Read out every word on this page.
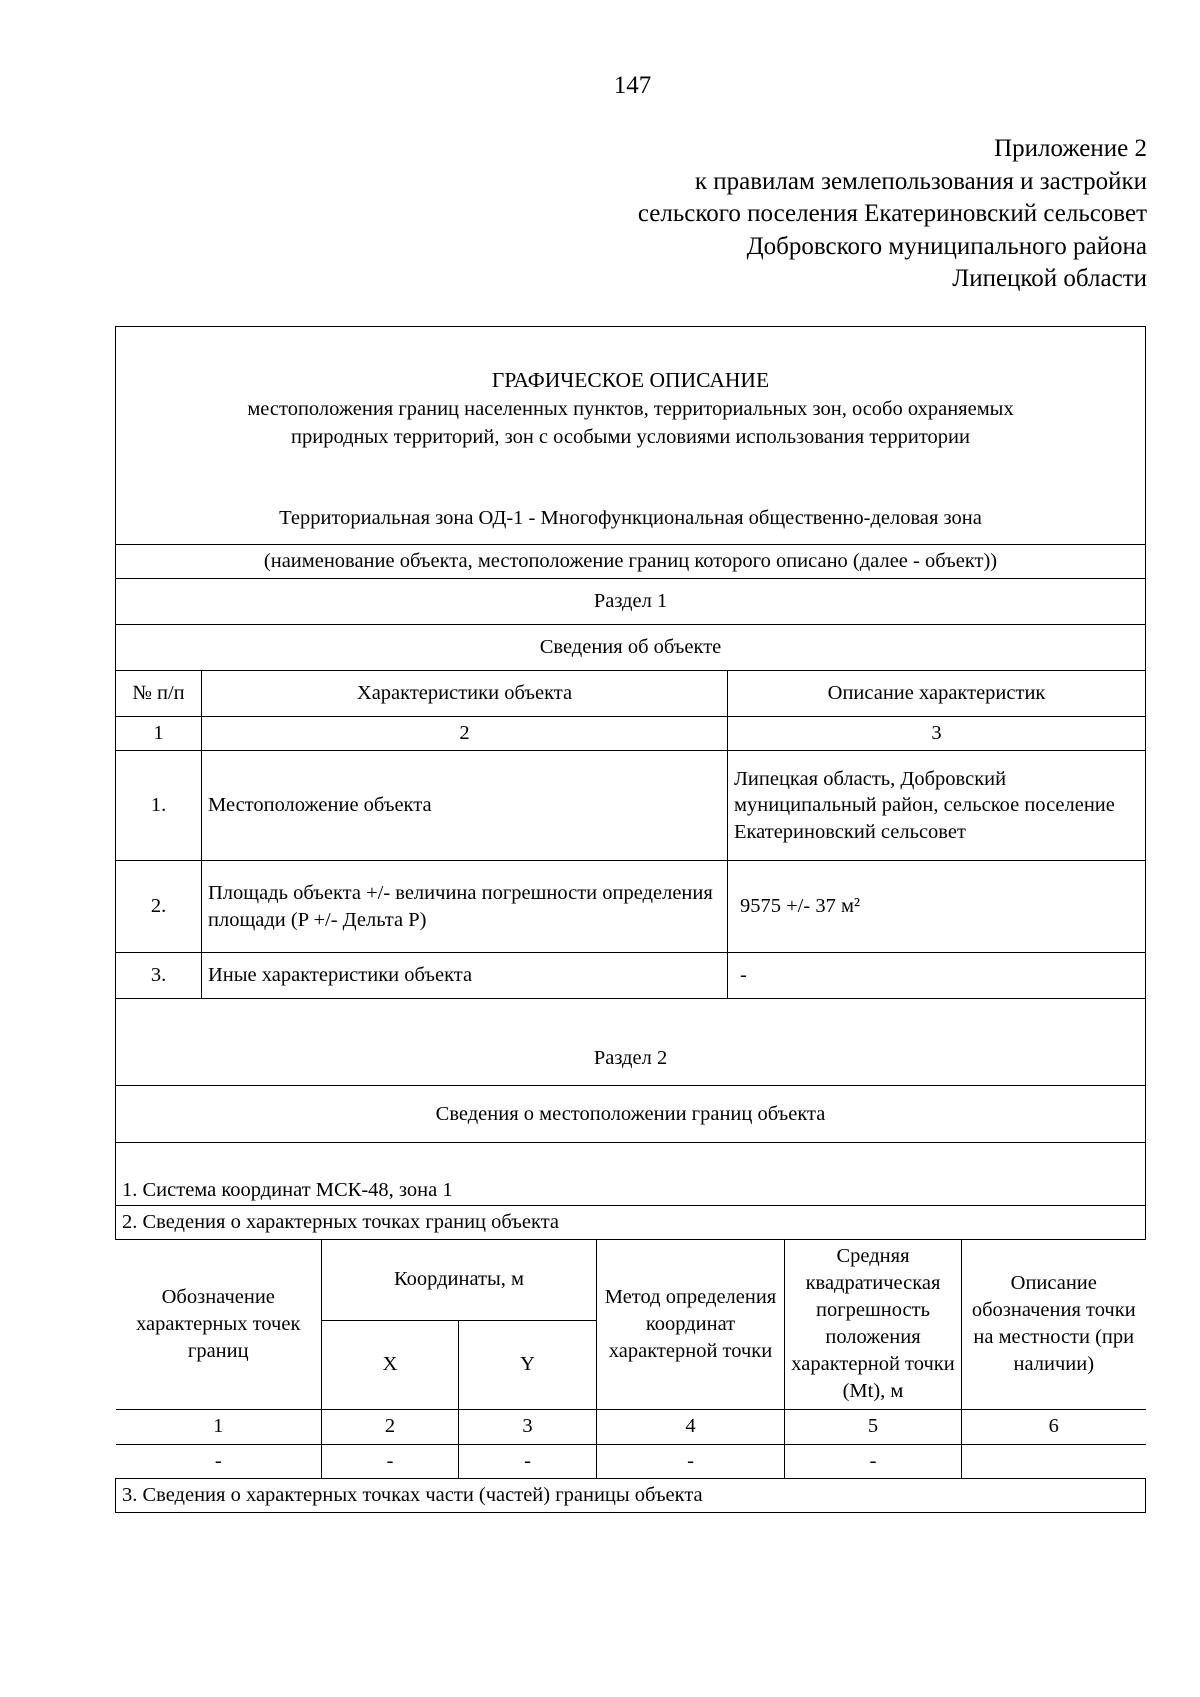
147
Приложение 2
к правилам землепользования и застройки
сельского поселения Екатериновский сельсовет
Добровского муниципального района
Липецкой области
ГРАФИЧЕСКОЕ ОПИСАНИЕ
местоположения границ населенных пунктов, территориальных зон, особо охраняемых
природных территорий, зон с особыми условиями использования территории
Территориальная зона ОД-1 - Многофункциональная общественно-деловая зона

(наименование объекта, местоположение границ которого описано (далее - объект))
Раздел 1
Сведения об объекте
№ п/п	Характеристики объекта	Описание характеристик
1	2	3
1.	Местоположение объекта	Липецкая область, Добровский муниципальный район, сельское поселение Екатериновский сельсовет
2.	Площадь объекта +/- величина погрешности определения площади (P +/- Дельта P)	9575 +/- 37 м²
3.	Иные характеристики объекта	-
Раздел 2
Сведения о местоположении границ объекта
1. Система координат МСК-48, зона 1
2. Сведения о характерных точках границ объекта

Обозначение характерных точек границ	Координаты, м	Метод определения координат характерной точки	Средняя квадратическая погрешность положения характерной точки (Mt), м	Описание обозначения точки на местности (при наличии)
X	Y
1	2	3	4	5	6
-	-	-	-	-	

3. Сведения о характерных точках части (частей) границы объекта
